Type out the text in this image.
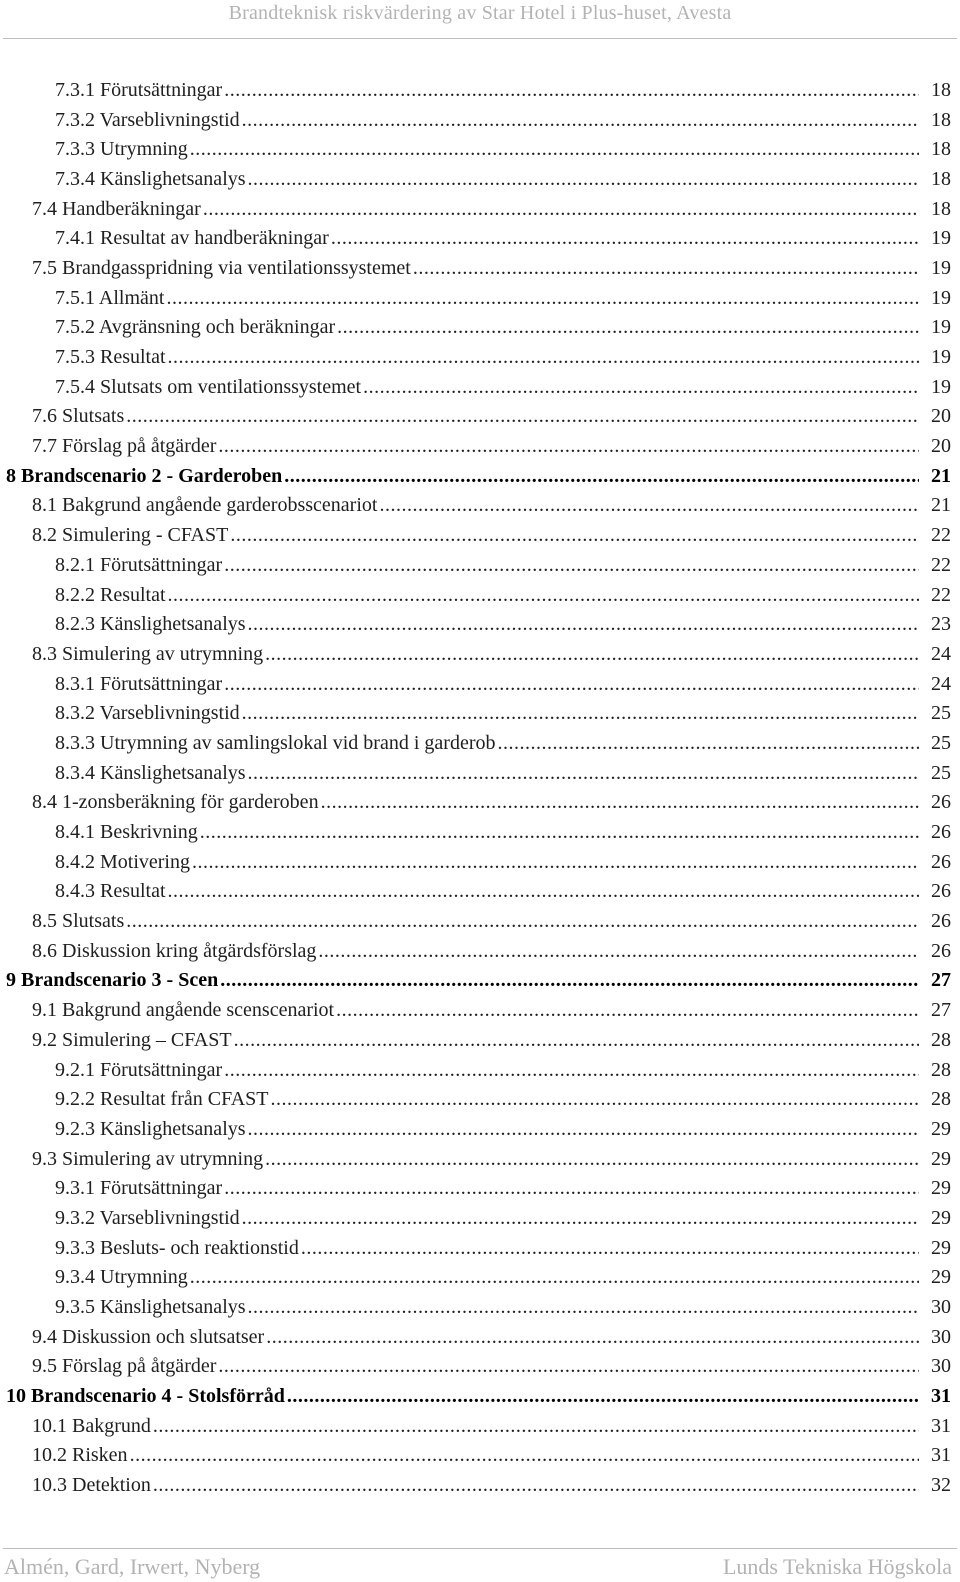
Brandteknisk riskvärdering av Star Hotel i Plus-huset, Avesta
7.3.1 Förutsättningar .....	18
7.3.2 Varseblivningstid .....	18
7.3.3 Utrymning .....	18
7.3.4 Känslighetsanalys .....	18
7.4 Handberäkningar .....	18
7.4.1 Resultat av handberäkningar .....	19
7.5 Brandgasspridning via ventilationssystemet .....	19
7.5.1 Allmänt .....	19
7.5.2 Avgränsning och beräkningar .....	19
7.5.3 Resultat .....	19
7.5.4 Slutsats om ventilationssystemet .....	19
7.6 Slutsats .....	20
7.7 Förslag på åtgärder .....	20
8 Brandscenario 2 - Garderoben .....	21
8.1 Bakgrund angående garderobsscenariot .....	21
8.2 Simulering - CFAST .....	22
8.2.1 Förutsättningar .....	22
8.2.2 Resultat .....	22
8.2.3 Känslighetsanalys .....	23
8.3 Simulering av utrymning .....	24
8.3.1 Förutsättningar .....	24
8.3.2 Varseblivningstid .....	25
8.3.3 Utrymning av samlingslokal vid brand i garderob .....	25
8.3.4 Känslighetsanalys .....	25
8.4 1-zonsberäkning för garderoben .....	26
8.4.1 Beskrivning .....	26
8.4.2 Motivering .....	26
8.4.3 Resultat .....	26
8.5 Slutsats .....	26
8.6 Diskussion kring åtgärdsförslag .....	26
9 Brandscenario 3 - Scen .....	27
9.1 Bakgrund angående scenscenariot .....	27
9.2 Simulering – CFAST .....	28
9.2.1 Förutsättningar .....	28
9.2.2 Resultat från CFAST .....	28
9.2.3 Känslighetsanalys .....	29
9.3 Simulering av utrymning .....	29
9.3.1 Förutsättningar .....	29
9.3.2 Varseblivningstid .....	29
9.3.3 Besluts- och reaktionstid .....	29
9.3.4 Utrymning .....	29
9.3.5 Känslighetsanalys .....	30
9.4 Diskussion och slutsatser .....	30
9.5 Förslag på åtgärder .....	30
10 Brandscenario 4 - Stolsförråd .....	31
10.1 Bakgrund .....	31
10.2 Risken .....	31
10.3 Detektion .....	32
Almén, Gard, Irwert, Nyberg	Lunds Tekniska Högskola
